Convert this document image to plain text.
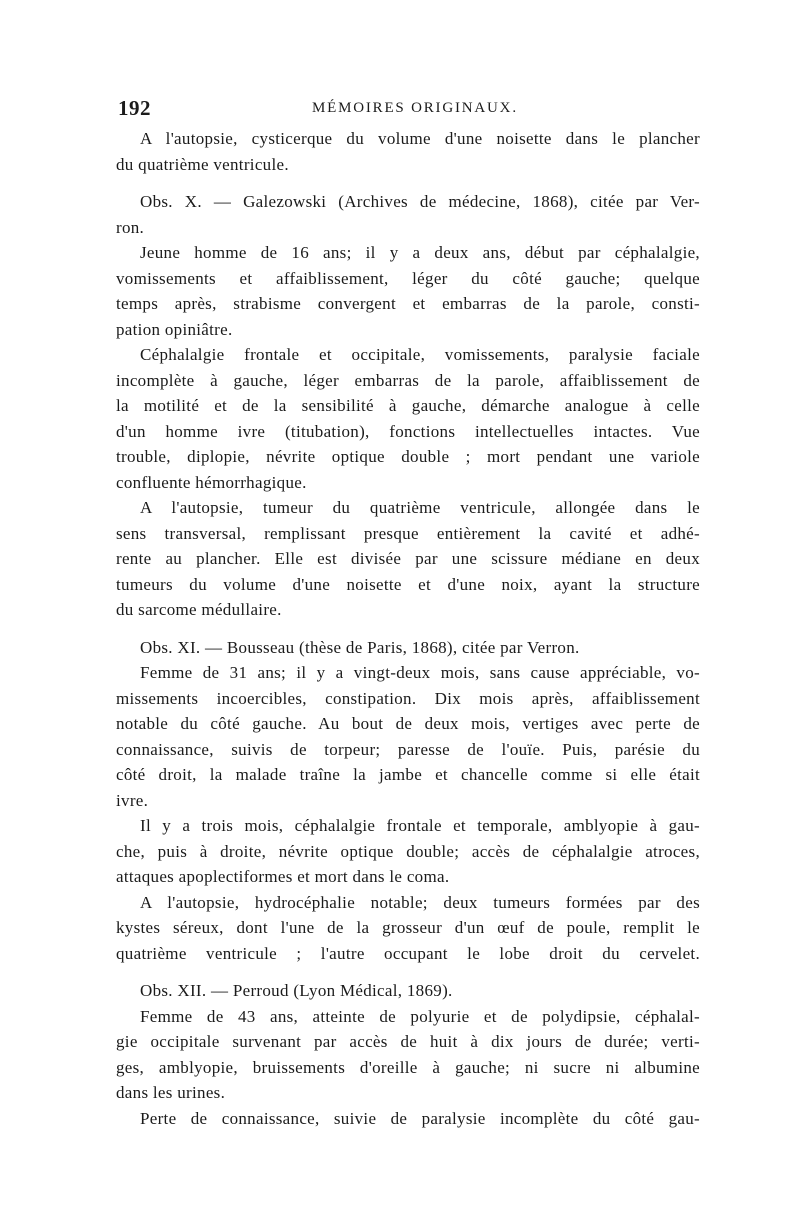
192	MÉMOIRES ORIGINAUX.
A l'autopsie, cysticerque du volume d'une noisette dans le plancher
du quatrième ventricule.
Obs. X. — Galezowski (Archives de médecine, 1868), citée par Ver-
ron.
Jeune homme de 16 ans; il y a deux ans, début par céphalalgie,
vomissements et affaiblissement, léger du côté gauche; quelque
temps après, strabisme convergent et embarras de la parole, consti-
pation opiniâtre.
Céphalalgie frontale et occipitale, vomissements, paralysie faciale
incomplète à gauche, léger embarras de la parole, affaiblissement de
la motilité et de la sensibilité à gauche, démarche analogue à celle
d'un homme ivre (titubation), fonctions intellectuelles intactes. Vue
trouble, diplopie, névrite optique double ; mort pendant une variole
confluente hémorrhagique.
A l'autopsie, tumeur du quatrième ventricule, allongée dans le
sens transversal, remplissant presque entièrement la cavité et adhé-
rente au plancher. Elle est divisée par une scissure médiane en deux
tumeurs du volume d'une noisette et d'une noix, ayant la structure
du sarcome médullaire.
Obs. XI. — Bousseau (thèse de Paris, 1868), citée par Verron.
Femme de 31 ans; il y a vingt-deux mois, sans cause appréciable, vo-
missements incoercibles, constipation. Dix mois après, affaiblissement
notable du côté gauche. Au bout de deux mois, vertiges avec perte de
connaissance, suivis de torpeur; paresse de l'ouïe. Puis, parésie du
côté droit, la malade traîne la jambe et chancelle comme si elle était
ivre.
Il y a trois mois, céphalalgie frontale et temporale, amblyopie à gau-
che, puis à droite, névrite optique double; accès de céphalalgie atroces,
attaques apoplectiformes et mort dans le coma.
A l'autopsie, hydrocéphalie notable; deux tumeurs formées par des
kystes séreux, dont l'une de la grosseur d'un œuf de poule, remplit le
quatrième ventricule ; l'autre occupant le lobe droit du cervelet.
Obs. XII. — Perroud (Lyon Médical, 1869).
Femme de 43 ans, atteinte de polyurie et de polydipsie, céphalal-
gie occipitale survenant par accès de huit à dix jours de durée; verti-
ges, amblyopie, bruissements d'oreille à gauche; ni sucre ni albumine
dans les urines.
Perte de connaissance, suivie de paralysie incomplète du côté gau-
